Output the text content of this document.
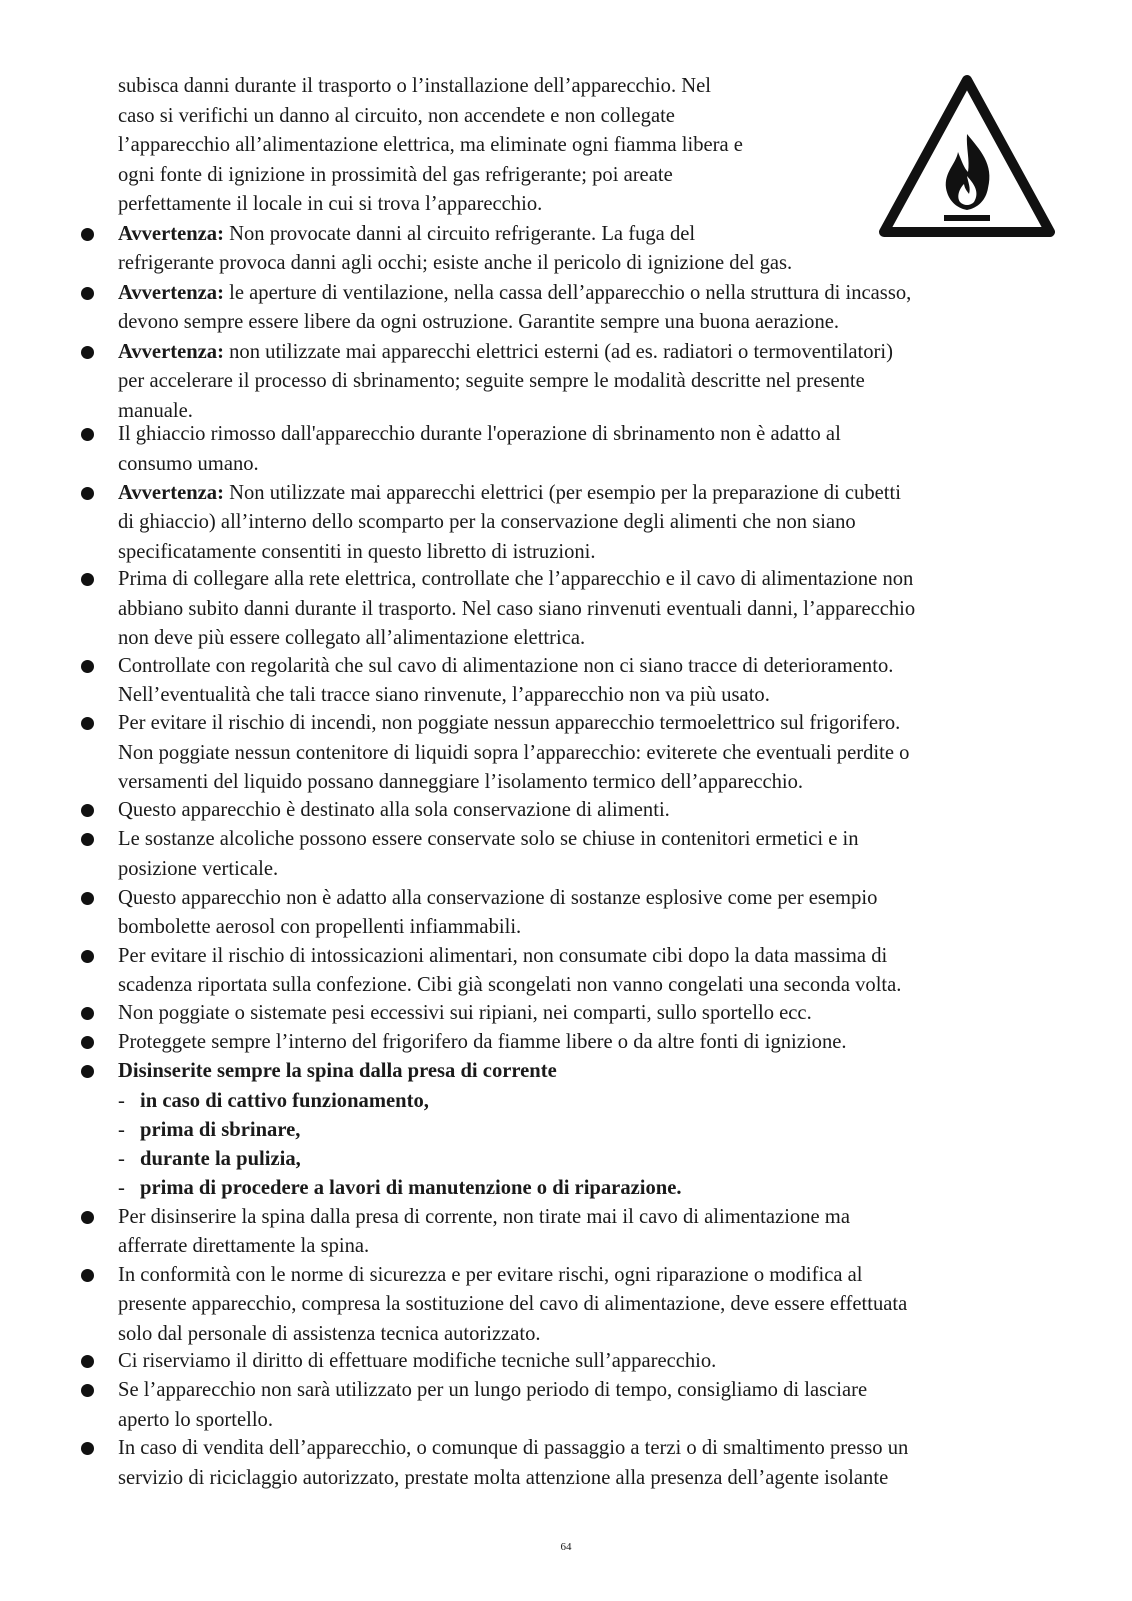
subisca danni durante il trasporto o l’installazione dell’apparecchio. Nel

caso si verifichi un danno al circuito, non accendete e non collegate

l’apparecchio all’alimentazione elettrica, ma eliminate ogni fiamma libera e

ogni fonte di ignizione in prossimità del gas refrigerante; poi areate

perfettamente il locale in cui si trova l’apparecchio.

Avvertenza: Non provocate danni al circuito refrigerante. La fuga del

refrigerante provoca danni agli occhi; esiste anche il pericolo di ignizione del gas.

Avvertenza: le aperture di ventilazione, nella cassa dell’apparecchio o nella struttura di incasso,

devono sempre essere libere da ogni ostruzione. Garantite sempre una buona aerazione.

Avvertenza: non utilizzate mai apparecchi elettrici esterni (ad es. radiatori o termoventilatori)

per accelerare il processo di sbrinamento; seguite sempre le modalità descritte nel presente

manuale.

Il ghiaccio rimosso dall'apparecchio durante l'operazione di sbrinamento non è adatto al

consumo umano.

Avvertenza: Non utilizzate mai apparecchi elettrici (per esempio per la preparazione di cubetti

di ghiaccio) all’interno dello scomparto per la conservazione degli alimenti che non siano

specificatamente consentiti in questo libretto di istruzioni.

Prima di collegare alla rete elettrica, controllate che l’apparecchio e il cavo di alimentazione non

abbiano subito danni durante il trasporto. Nel caso siano rinvenuti eventuali danni, l’apparecchio

non deve più essere collegato all’alimentazione elettrica.

Controllate con regolarità che sul cavo di alimentazione non ci siano tracce di deterioramento.

Nell’eventualità che tali tracce siano rinvenute, l’apparecchio non va più usato.

Per evitare il rischio di incendi, non poggiate nessun apparecchio termoelettrico sul frigorifero.

Non poggiate nessun contenitore di liquidi sopra l’apparecchio: eviterete che eventuali perdite o

versamenti del liquido possano danneggiare l’isolamento termico dell’apparecchio.

Questo apparecchio è destinato alla sola conservazione di alimenti.

Le sostanze alcoliche possono essere conservate solo se chiuse in contenitori ermetici e in

posizione verticale.

Questo apparecchio non è adatto alla conservazione di sostanze esplosive come per esempio

bombolette aerosol con propellenti infiammabili.

Per evitare il rischio di intossicazioni alimentari, non consumate cibi dopo la data massima di

scadenza riportata sulla confezione. Cibi già scongelati non vanno congelati una seconda volta.

Non poggiate o sistemate pesi eccessivi sui ripiani, nei comparti, sullo sportello ecc.

Proteggete sempre l’interno del frigorifero da fiamme libere o da altre fonti di ignizione.

Disinserite sempre la spina dalla presa di corrente

- in caso di cattivo funzionamento,

- prima di sbrinare,

- durante la pulizia,

- prima di procedere a lavori di manutenzione o di riparazione.

Per disinserire la spina dalla presa di corrente, non tirate mai il cavo di alimentazione ma

afferrate direttamente la spina.

In conformità con le norme di sicurezza e per evitare rischi, ogni riparazione o modifica al

presente apparecchio, compresa la sostituzione del cavo di alimentazione, deve essere effettuata

solo dal personale di assistenza tecnica autorizzato.

Ci riserviamo il diritto di effettuare modifiche tecniche sull’apparecchio.

Se l’apparecchio non sarà utilizzato per un lungo periodo di tempo, consigliamo di lasciare

aperto lo sportello.

In caso di vendita dell’apparecchio, o comunque di passaggio a terzi o di smaltimento presso un

servizio di riciclaggio autorizzato, prestate molta attenzione alla presenza dell’agente isolante

64
